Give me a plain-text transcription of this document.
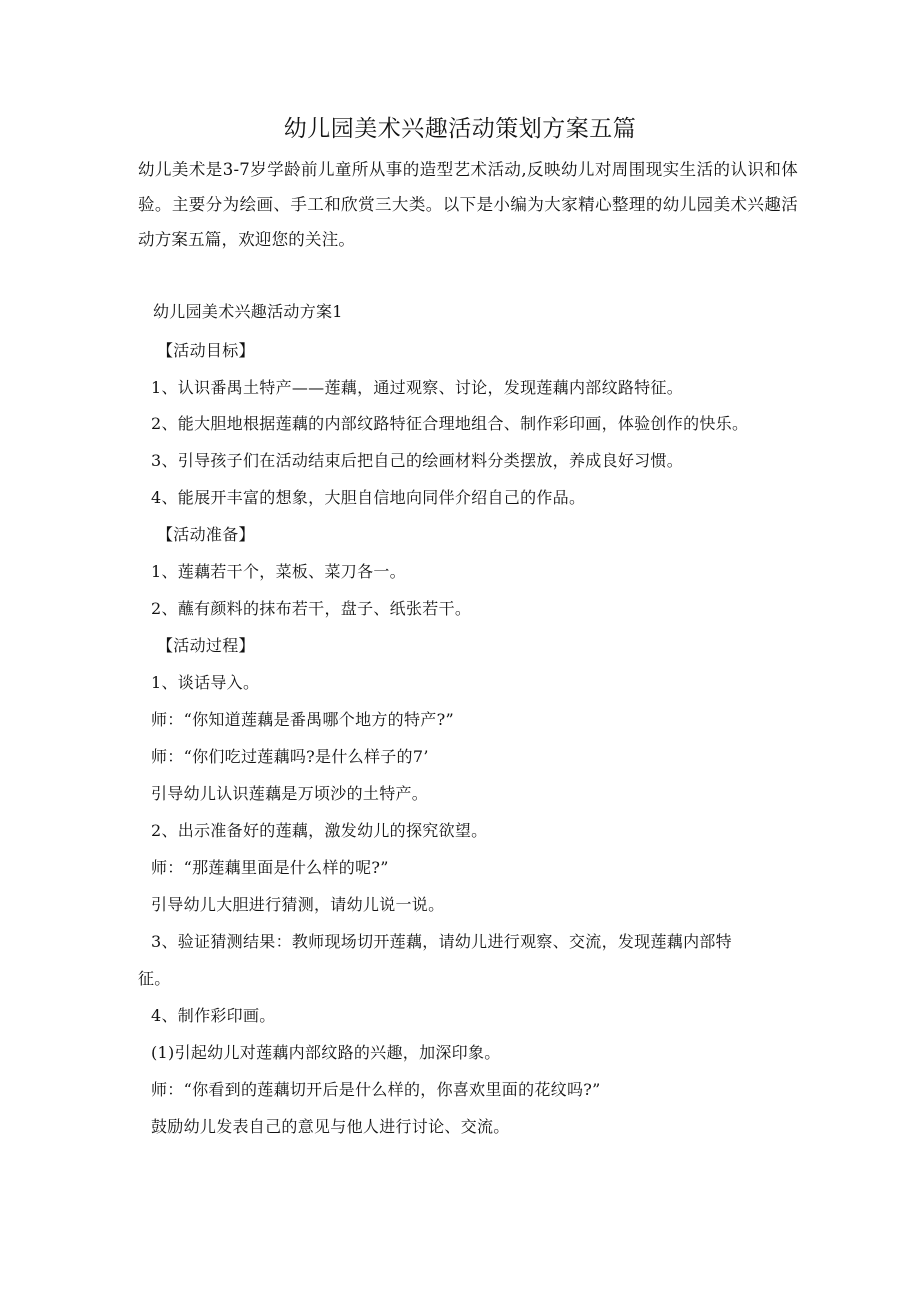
幼儿园美术兴趣活动策划方案五篇

幼儿美术是3-7岁学龄前儿童所从事的造型艺术活动,反映幼儿对周围现实生活的认识和体验。主要分为绘画、手工和欣赏三大类。以下是小编为大家精心整理的幼儿园美术兴趣活动方案五篇，欢迎您的关注。

幼儿园美术兴趣活动方案1
【活动目标】
1、认识番禺土特产——莲藕，通过观察、讨论，发现莲藕内部纹路特征。
2、能大胆地根据莲藕的内部纹路特征合理地组合、制作彩印画，体验创作的快乐。
3、引导孩子们在活动结束后把自己的绘画材料分类摆放，养成良好习惯。
4、能展开丰富的想象，大胆自信地向同伴介绍自己的作品。
【活动准备】
1、莲藕若干个，菜板、菜刀各一。
2、蘸有颜料的抹布若干，盘子、纸张若干。
【活动过程】
1、谈话导入。
师：“你知道莲藕是番禺哪个地方的特产?”
师：“你们吃过莲藕吗?是什么样子的7’
引导幼儿认识莲藕是万顷沙的土特产。
2、出示准备好的莲藕，激发幼儿的探究欲望。
师：“那莲藕里面是什么样的呢?”
引导幼儿大胆进行猜测，请幼儿说一说。
3、验证猜测结果：教师现场切开莲藕，请幼儿进行观察、交流，发现莲藕内部特
征。
4、制作彩印画。
(1)引起幼儿对莲藕内部纹路的兴趣，加深印象。
师：“你看到的莲藕切开后是什么样的，你喜欢里面的花纹吗?”
鼓励幼儿发表自己的意见与他人进行讨论、交流。
